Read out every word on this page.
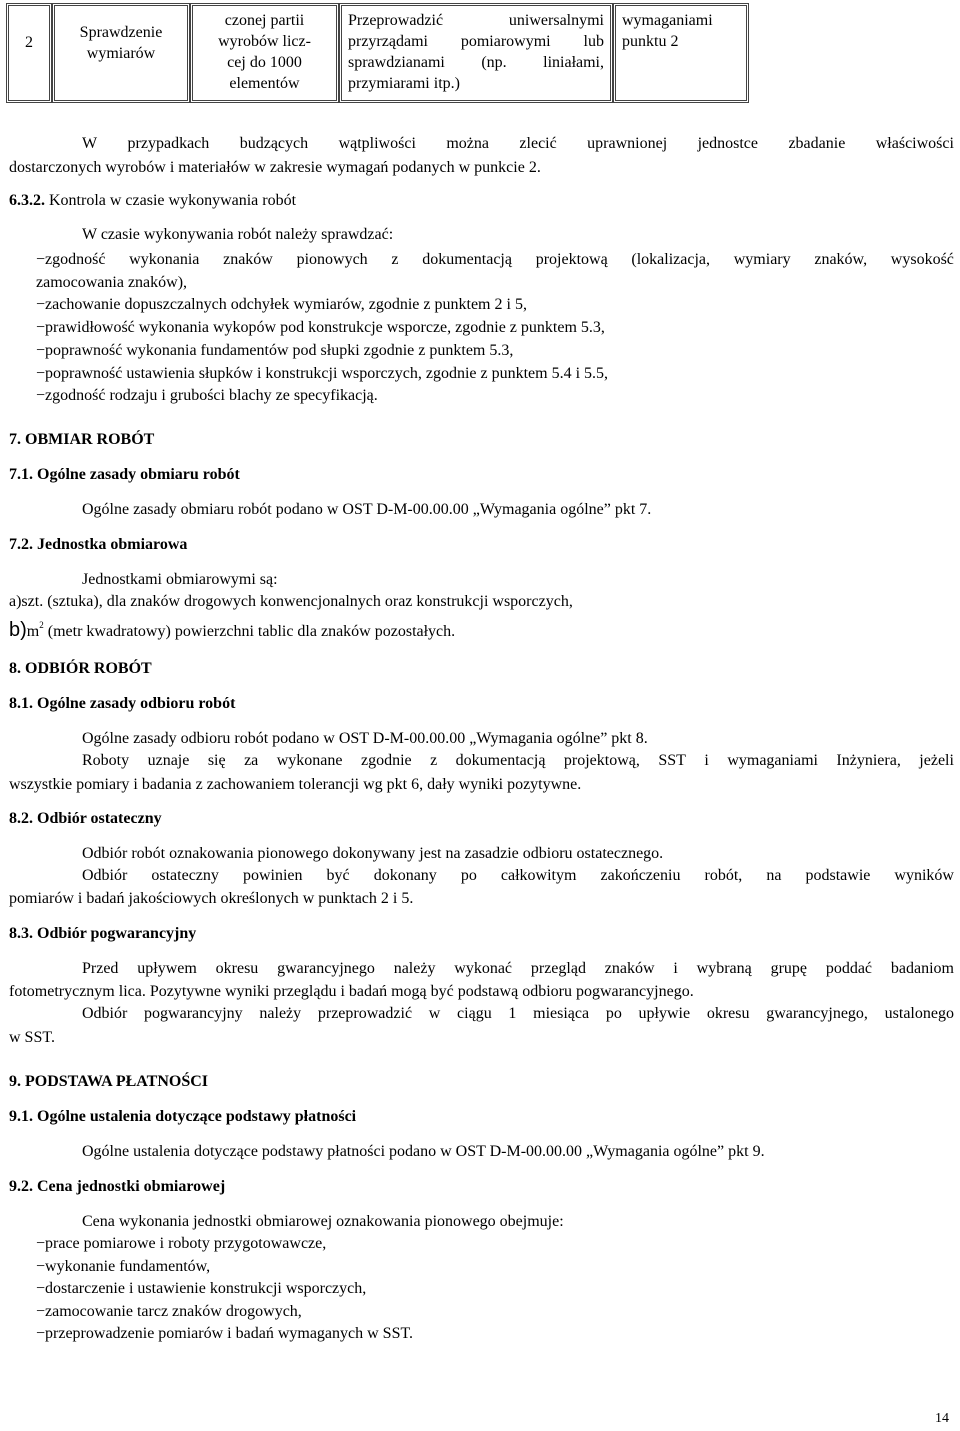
2
Sprawdzenie
wymiarów
czonej partii
wyrobów licz-
cej do 1000
elementów
Przeprowadzić	uniwersalnymi
przyrządami pomiarowymi lub
sprawdzianami (np. liniałami,
przymiarami itp.)
wymaganiami
punktu 2
W przypadkach budzących wątpliwości można zlecić uprawnionej jednostce zbadanie właściwości
dostarczonych wyrobów i materiałów w zakresie wymagań podanych w punkcie 2.
6.3.2. Kontrola w czasie wykonywania robót
W czasie wykonywania robót należy sprawdzać:
−zgodność wykonania znaków pionowych z dokumentacją projektową (lokalizacja, wymiary znaków, wysokość
zamocowania znaków),
−zachowanie dopuszczalnych odchyłek wymiarów, zgodnie z punktem 2 i 5,
−prawidłowość wykonania wykopów pod konstrukcje wsporcze, zgodnie z punktem 5.3,
−poprawność wykonania fundamentów pod słupki zgodnie z punktem 5.3,
−poprawność ustawienia słupków i konstrukcji wsporczych, zgodnie z punktem 5.4 i 5.5,
−zgodność rodzaju i grubości blachy ze specyfikacją.
7. OBMIAR ROBÓT
7.1. Ogólne zasady obmiaru robót
Ogólne zasady obmiaru robót podano w OST D-M-00.00.00 „Wymagania ogólne” pkt 7.
7.2. Jednostka obmiarowa
Jednostkami obmiarowymi są:
a)szt. (sztuka), dla znaków drogowych konwencjonalnych oraz konstrukcji wsporczych,
$b)m^2$ (metr kwadratowy) powierzchni tablic dla znaków pozostałych.
8. ODBIÓR ROBÓT
8.1. Ogólne zasady odbioru robót
Ogólne zasady odbioru robót podano w OST D-M-00.00.00 „Wymagania ogólne” pkt 8.
Roboty uznaje się za wykonane zgodnie z dokumentacją projektową, SST i wymaganiami Inżyniera, jeżeli
wszystkie pomiary i badania z zachowaniem tolerancji wg pkt 6, dały wyniki pozytywne.
8.2. Odbiór ostateczny
Odbiór robót oznakowania pionowego dokonywany jest na zasadzie odbioru ostatecznego.
Odbiór ostateczny powinien być dokonany po całkowitym zakończeniu robót, na podstawie wyników
pomiarów i badań jakościowych określonych w punktach 2 i 5.
8.3. Odbiór pogwarancyjny
Przed upływem okresu gwarancyjnego należy wykonać przegląd znaków i wybraną grupę poddać badaniom
fotometrycznym lica. Pozytywne wyniki przeglądu i badań mogą być podstawą odbioru pogwarancyjnego.
Odbiór pogwarancyjny należy przeprowadzić w ciągu 1 miesiąca po upływie okresu gwarancyjnego, ustalonego
w SST.
9. PODSTAWA PŁATNOŚCI
9.1. Ogólne ustalenia dotyczące podstawy płatności
Ogólne ustalenia dotyczące podstawy płatności podano w OST D-M-00.00.00 „Wymagania ogólne” pkt 9.
9.2. Cena jednostki obmiarowej
Cena wykonania jednostki obmiarowej oznakowania pionowego obejmuje:
−prace pomiarowe i roboty przygotowawcze,
−wykonanie fundamentów,
−dostarczenie i ustawienie konstrukcji wsporczych,
−zamocowanie tarcz znaków drogowych,
−przeprowadzenie pomiarów i badań wymaganych w SST.
14
